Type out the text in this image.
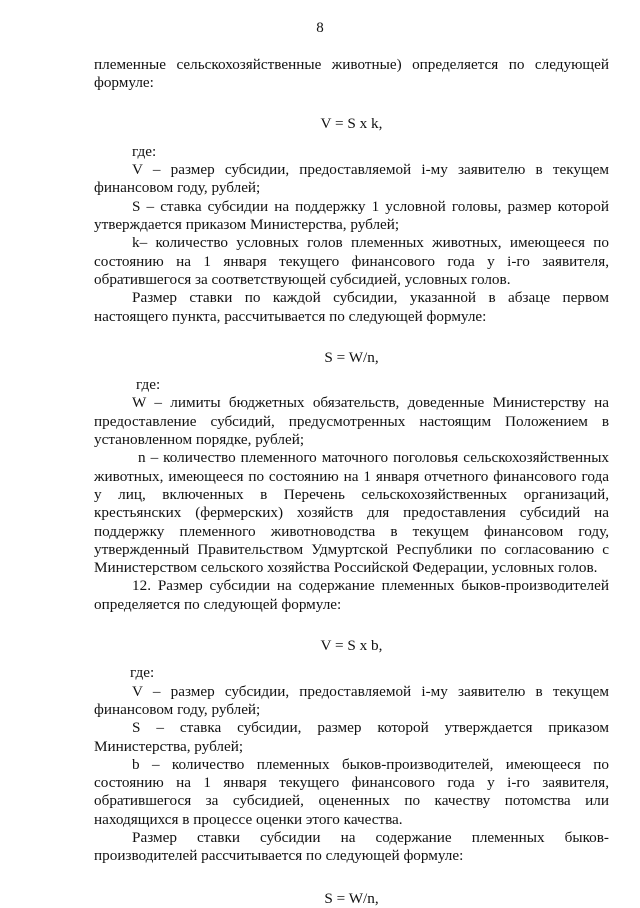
8

племенные сельскохозяйственные животные) определяется по следующей формуле:

V = S x k,

где:

V – размер субсидии, предоставляемой i-му заявителю в текущем финансовом году, рублей;

S – ставка субсидии на поддержку 1 условной головы, размер которой утверждается приказом Министерства, рублей;

k– количество условных голов племенных животных, имеющееся по состоянию на 1 января текущего финансового года у i-го заявителя, обратившегося за соответствующей субсидией, условных голов.

Размер ставки по каждой субсидии, указанной в абзаце первом настоящего пункта, рассчитывается по следующей формуле:

S = W/n,

где:

W – лимиты бюджетных обязательств, доведенные Министерству на предоставление субсидий, предусмотренных настоящим Положением в установленном порядке, рублей;

n – количество племенного маточного поголовья сельскохозяйственных животных, имеющееся по состоянию на 1 января отчетного финансового года у лиц, включенных в Перечень сельскохозяйственных организаций, крестьянских (фермерских) хозяйств для предоставления субсидий на поддержку племенного животноводства в текущем финансовом году, утвержденный Правительством Удмуртской Республики по согласованию с Министерством сельского хозяйства Российской Федерации, условных голов.

12. Размер субсидии на содержание племенных быков-производителей определяется по следующей формуле:

V = S x b,

где:

V – размер субсидии, предоставляемой i-му заявителю в текущем финансовом году, рублей;

S – ставка субсидии, размер которой утверждается приказом Министерства, рублей;

b – количество племенных быков-производителей, имеющееся по состоянию на 1 января текущего финансового года у i-го заявителя, обратившегося за субсидией, оцененных по качеству потомства или находящихся в процессе оценки этого качества.

Размер ставки субсидии на содержание племенных быков-производителей рассчитывается по следующей формуле:

S = W/n,
